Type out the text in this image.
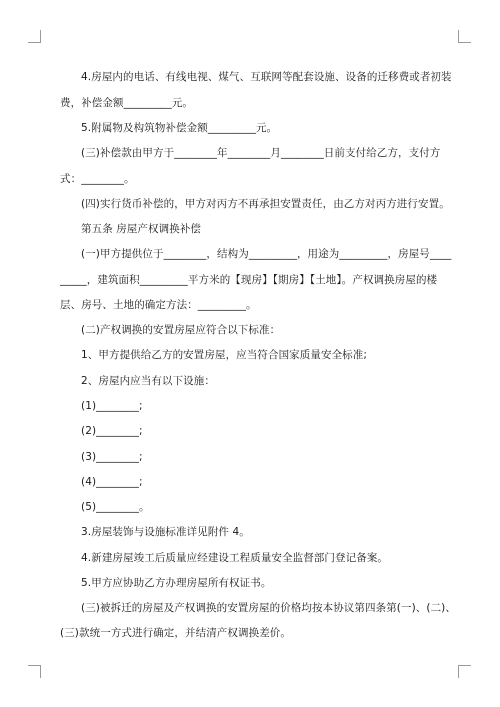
4.房屋内的电话、有线电视、煤气、互联网等配套设施、设备的迁移费或者初装
费，补偿金额_________元。
5.附属物及构筑物补偿金额_________元。
(三)补偿款由甲方于________年________月________日前支付给乙方，支付方
式：________。
(四)实行货币补偿的，甲方对丙方不再承担安置责任，由乙方对丙方进行安置。
第五条 房屋产权调换补偿
(一)甲方提供位于________，结构为_________，用途为_________，房屋号____
_____，建筑面积_________平方米的【现房】【期房】【土地】。产权调换房屋的楼
层、房号、土地的确定方法：_________。
(二)产权调换的安置房屋应符合以下标准：
1、甲方提供给乙方的安置房屋，应当符合国家质量安全标准;
2、房屋内应当有以下设施：
(1)________;
(2)________;
(3)________;
(4)________;
(5)________。
3.房屋装饰与设施标准详见附件 4。
4.新建房屋竣工后质量应经建设工程质量安全监督部门登记备案。
5.甲方应协助乙方办理房屋所有权证书。
(三)被拆迁的房屋及产权调换的安置房屋的价格均按本协议第四条第(一)、(二)、
(三)款统一方式进行确定，并结清产权调换差价。
